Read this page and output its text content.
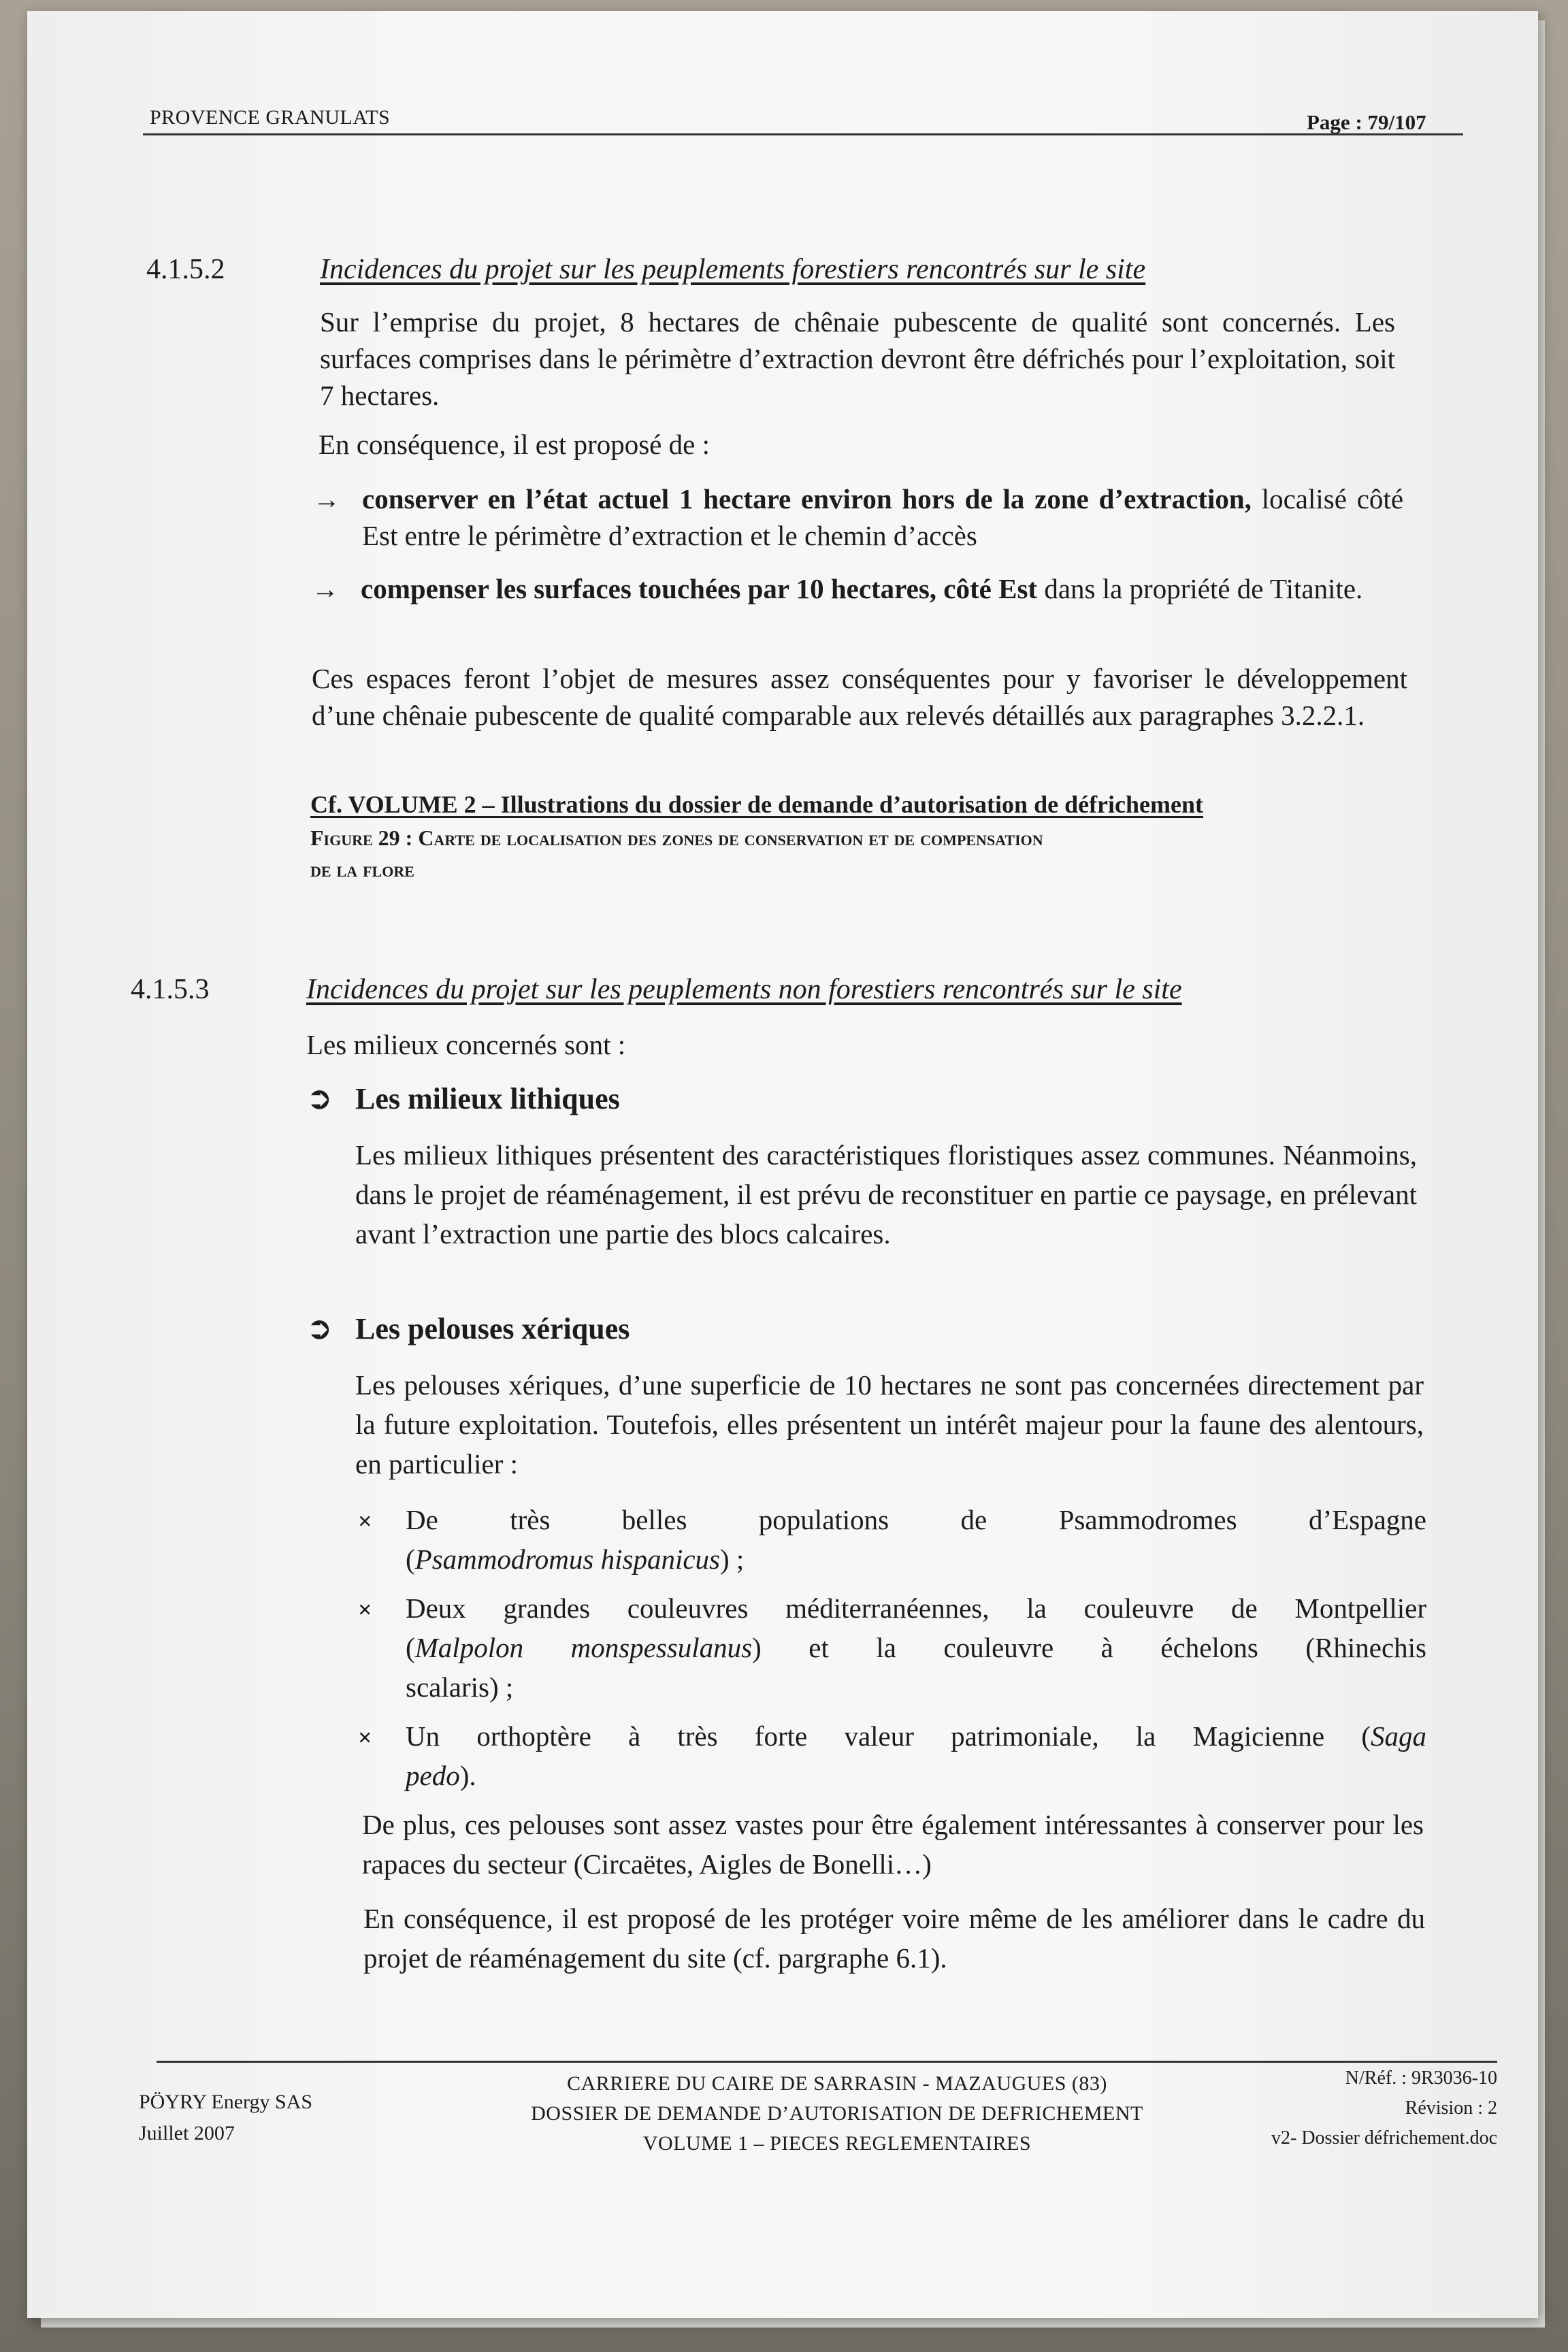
PROVENCE GRANULATS	Page : 79/107
4.1.5.2	Incidences du projet sur les peuplements forestiers rencontrés sur le site
Sur l’emprise du projet, 8 hectares de chênaie pubescente de qualité sont concernés. Les surfaces comprises dans le périmètre d’extraction devront être défrichés pour l’exploitation, soit 7 hectares.
En conséquence, il est proposé de :
→ conserver en l’état actuel 1 hectare environ hors de la zone d’extraction, localisé côté Est entre le périmètre d’extraction et le chemin d’accès
→ compenser les surfaces touchées par 10 hectares, côté Est dans la propriété de Titanite.
Ces espaces feront l’objet de mesures assez conséquentes pour y favoriser le développement d’une chênaie pubescente de qualité comparable aux relevés détaillés aux paragraphes 3.2.2.1.
Cf. VOLUME 2 – Illustrations du dossier de demande d’autorisation de défrichement
Figure 29 : Carte de localisation des zones de conservation et de compensation
de la flore
4.1.5.3	Incidences du projet sur les peuplements non forestiers rencontrés sur le site
Les milieux concernés sont :
➲ Les milieux lithiques
Les milieux lithiques présentent des caractéristiques floristiques assez communes. Néanmoins, dans le projet de réaménagement, il est prévu de reconstituer en partie ce paysage, en prélevant avant l’extraction une partie des blocs calcaires.
➲ Les pelouses xériques
Les pelouses xériques, d’une superficie de 10 hectares ne sont pas concernées directement par la future exploitation. Toutefois, elles présentent un intérêt majeur pour la faune des alentours, en particulier :
× De très belles populations de Psammodromes d’Espagne
(Psammodromus hispanicus) ;
× Deux grandes couleuvres méditerranéennes, la couleuvre de Montpellier
(Malpolon monspessulanus) et la couleuvre à échelons (Rhinechis
scalaris) ;
× Un orthoptère à très forte valeur patrimoniale, la Magicienne (Saga
pedo).
De plus, ces pelouses sont assez vastes pour être également intéressantes à conserver pour les rapaces du secteur (Circaëtes, Aigles de Bonelli…)
En conséquence, il est proposé de les protéger voire même de les améliorer dans le cadre du projet de réaménagement du site (cf. pargraphe 6.1).
PÖYRY Energy SAS
Juillet 2007
CARRIERE DU CAIRE DE SARRASIN - MAZAUGUES (83)
DOSSIER DE DEMANDE D’AUTORISATION DE DEFRICHEMENT
VOLUME 1 – PIECES REGLEMENTAIRES
N/Réf. : 9R3036-10
Révision : 2
v2- Dossier défrichement.doc
